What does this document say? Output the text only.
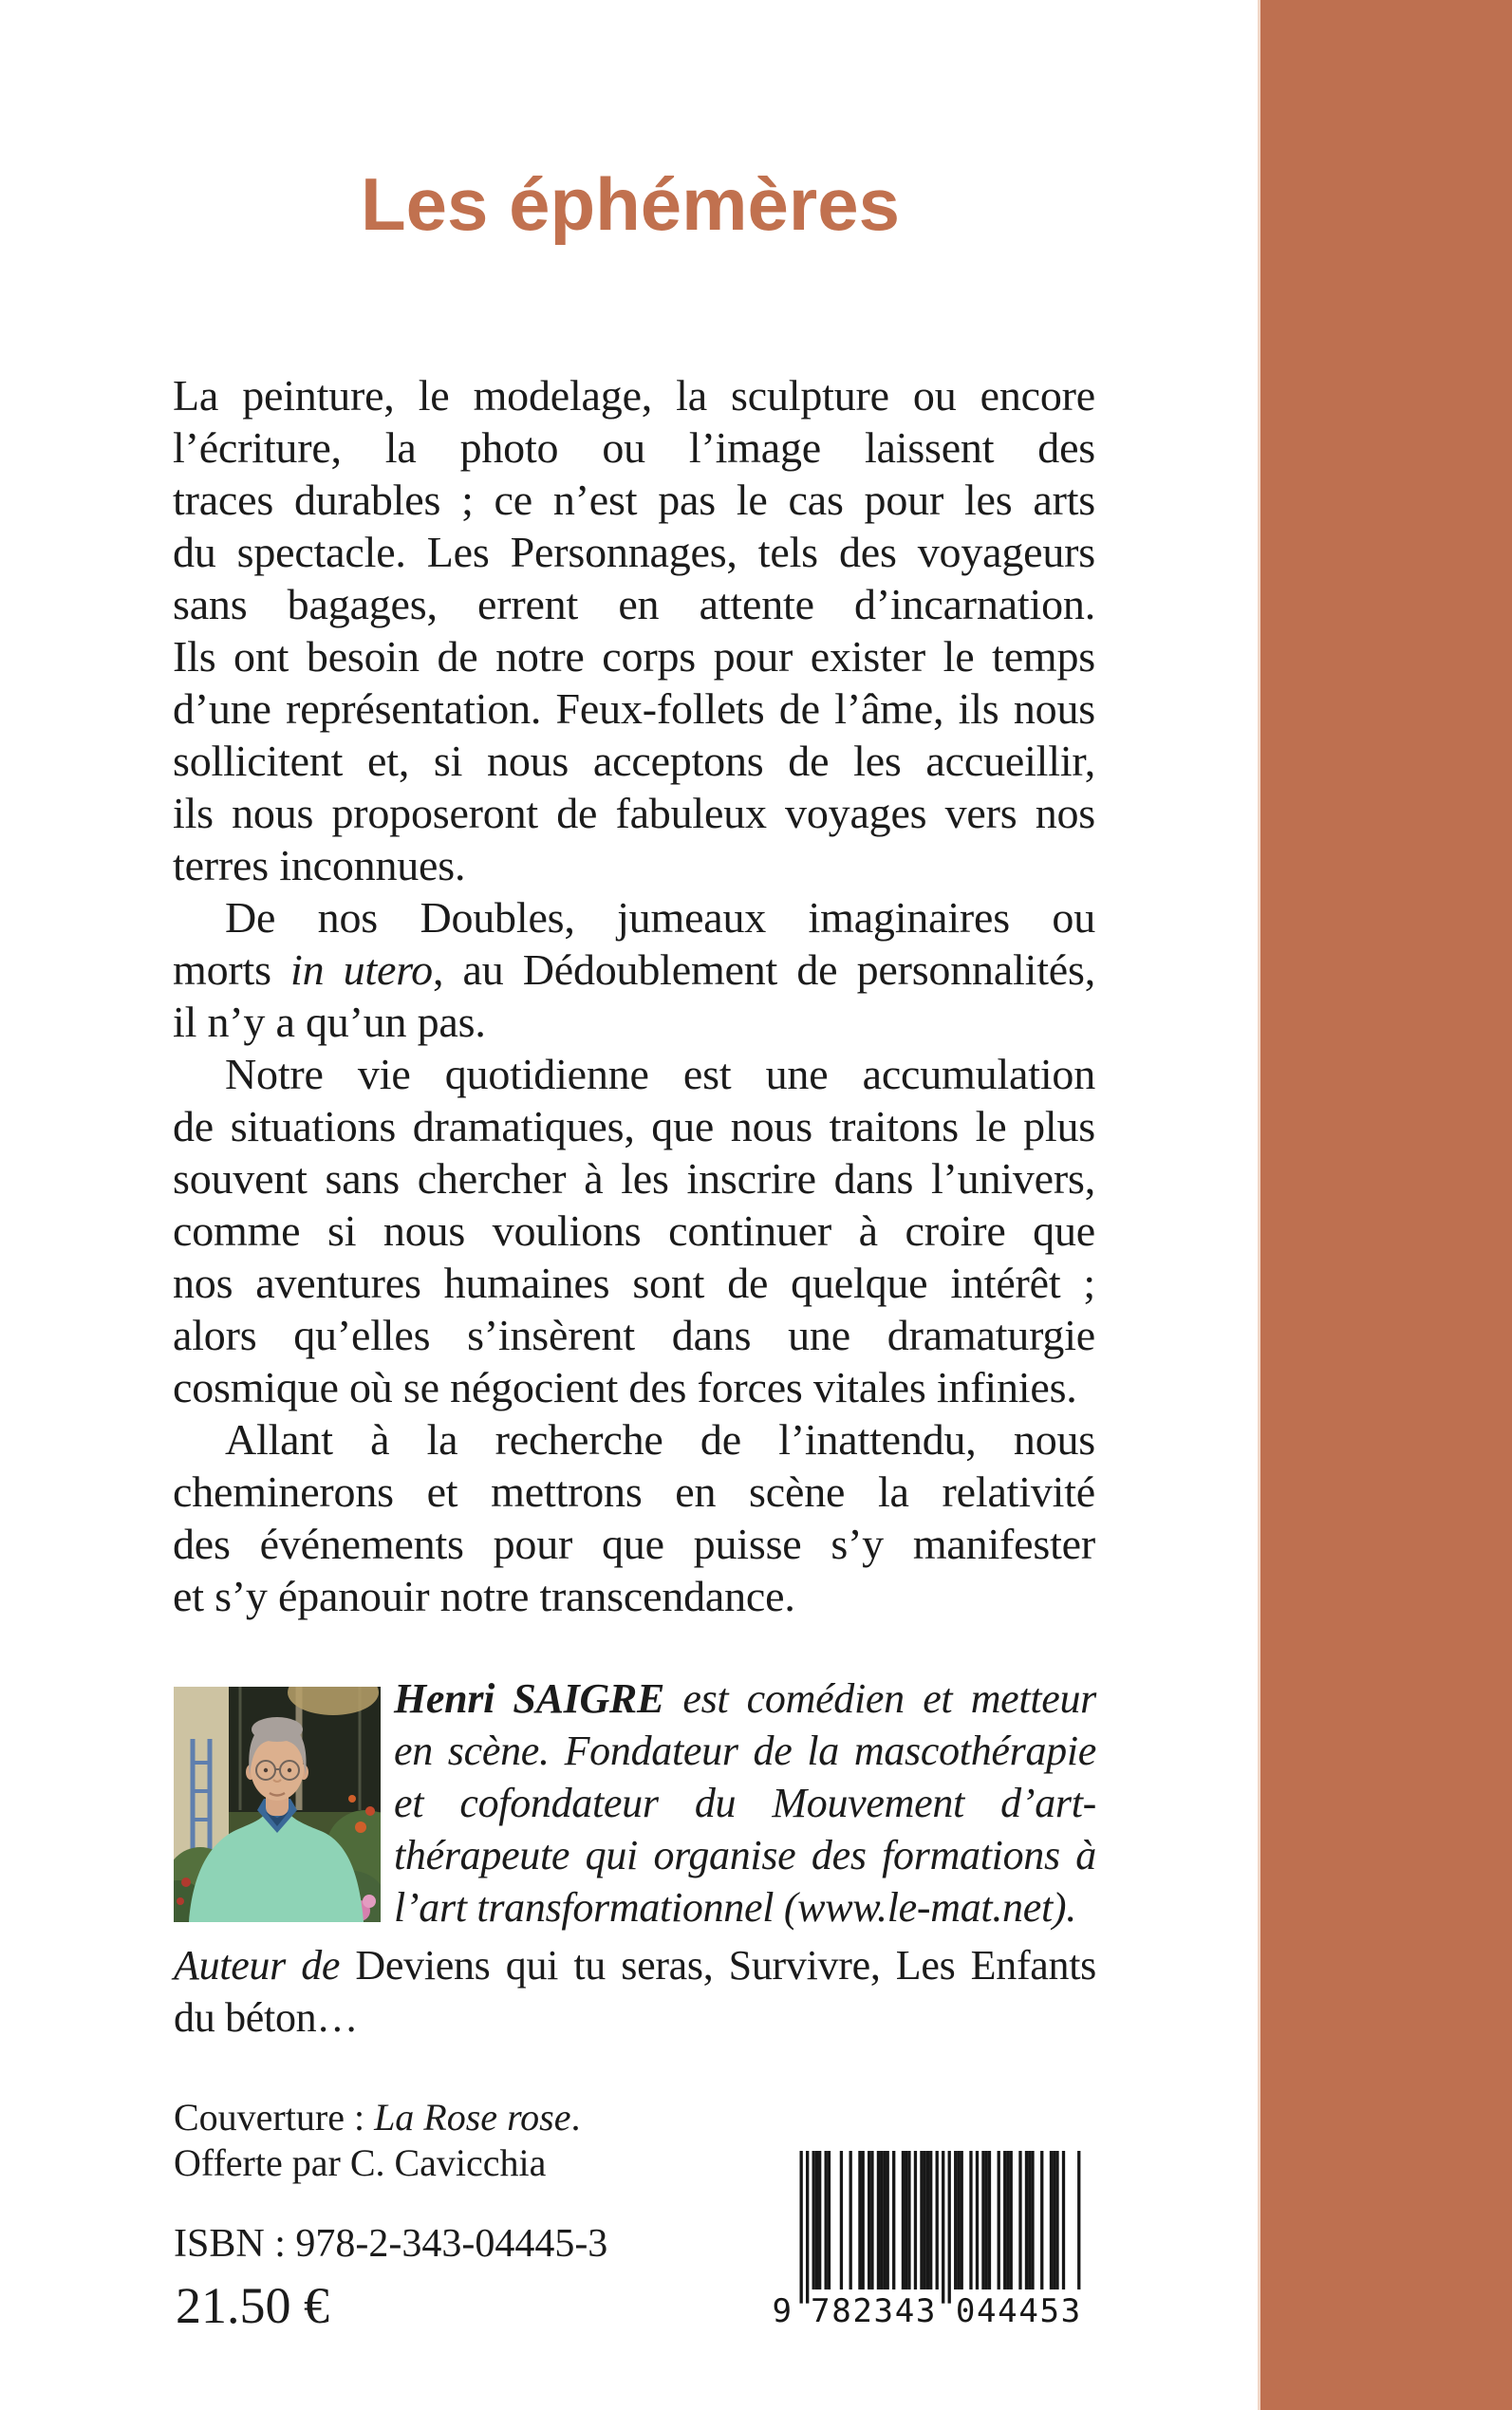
Les éphémères
La peinture, le modelage, la sculpture ou encore
l’écriture, la photo ou l’image laissent des
traces durables ; ce n’est pas le cas pour les arts
du spectacle. Les Personnages, tels des voyageurs
sans bagages, errent en attente d’incarnation.
Ils ont besoin de notre corps pour exister le temps
d’une représentation. Feux-follets de l’âme, ils nous
sollicitent et, si nous acceptons de les accueillir,
ils nous proposeront de fabuleux voyages vers nos
terres inconnues.
De nos Doubles, jumeaux imaginaires ou
morts in utero, au Dédoublement de personnalités,
il n’y a qu’un pas.
Notre vie quotidienne est une accumulation
de situations dramatiques, que nous traitons le plus
souvent sans chercher à les inscrire dans l’univers,
comme si nous voulions continuer à croire que
nos aventures humaines sont de quelque intérêt ;
alors qu’elles s’insèrent dans une dramaturgie
cosmique où se négocient des forces vitales infinies.
Allant à la recherche de l’inattendu, nous
cheminerons et mettrons en scène la relativité
des événements pour que puisse s’y manifester
et s’y épanouir notre transcendance.
Henri SAIGRE est comédien et metteur
en scène. Fondateur de la mascothérapie
et cofondateur du Mouvement d’art-
thérapeute qui organise des formations à
l’art transformationnel (www.le-mat.net).
Auteur de Deviens qui tu seras, Survivre, Les Enfants
du béton…
Couverture : La Rose rose.
Offerte par C. Cavicchia
ISBN : 978-2-343-04445-3
21.50 €	9 782343 044453
